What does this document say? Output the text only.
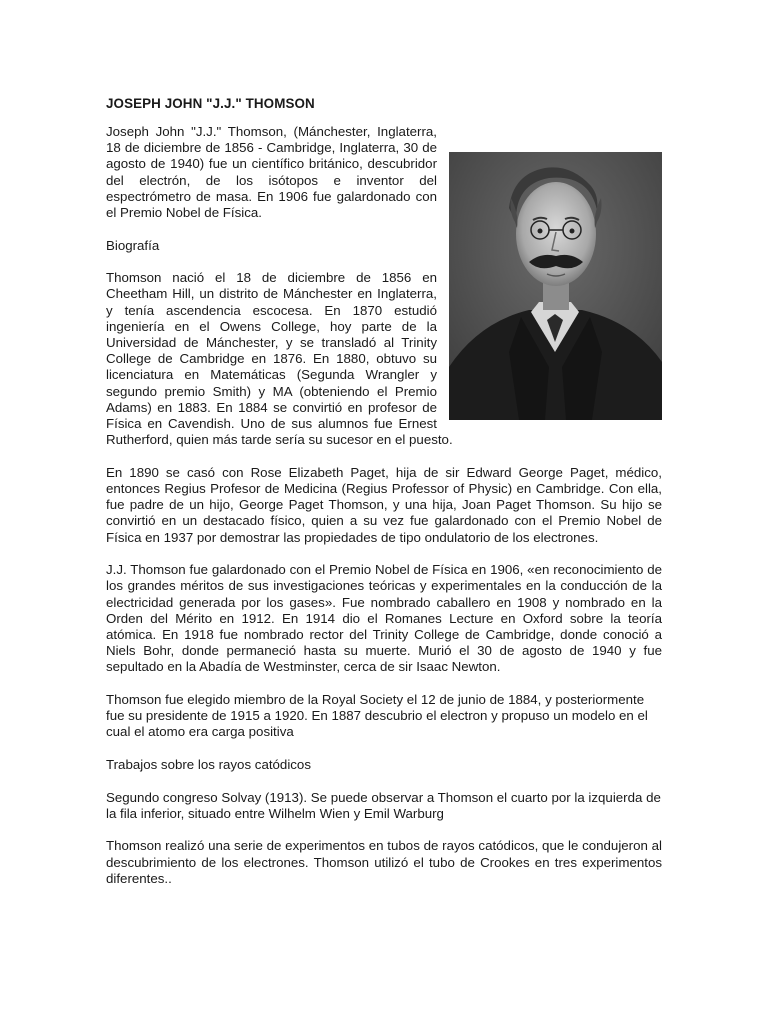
JOSEPH JOHN "J.J." THOMSON

Joseph John "J.J." Thomson, (Mánchester, Inglaterra, 18 de diciembre de 1856 - Cambridge, Inglaterra, 30 de agosto de 1940) fue un científico británico, descubridor del electrón, de los isótopos e inventor del espectrómetro de masa. En 1906 fue galardonado con el Premio Nobel de Física.

Biografía

Thomson nació el 18 de diciembre de 1856 en Cheetham Hill, un distrito de Mánchester en Inglaterra, y tenía ascendencia escocesa. En 1870 estudió ingeniería en el Owens College, hoy parte de la Universidad de Mánchester, y se transladó al Trinity College de Cambridge en 1876. En 1880, obtuvo su licenciatura en Matemáticas (Segunda Wrangler y segundo premio Smith) y MA (obteniendo el Premio Adams) en 1883. En 1884 se convirtió en profesor de Física en Cavendish. Uno de sus alumnos fue Ernest Rutherford, quien más tarde sería su sucesor en el puesto.

En 1890 se casó con Rose Elizabeth Paget, hija de sir Edward George Paget, médico, entonces Regius Profesor de Medicina (Regius Professor of Physic) en Cambridge. Con ella, fue padre de un hijo, George Paget Thomson, y una hija, Joan Paget Thomson. Su hijo se convirtió en un destacado físico, quien a su vez fue galardonado con el Premio Nobel de Física en 1937 por demostrar las propiedades de tipo ondulatorio de los electrones.

J.J. Thomson fue galardonado con el Premio Nobel de Física en 1906, «en reconocimiento de los grandes méritos de sus investigaciones teóricas y experimentales en la conducción de la electricidad generada por los gases». Fue nombrado caballero en 1908 y nombrado en la Orden del Mérito en 1912. En 1914 dio el Romanes Lecture en Oxford sobre la teoría atómica. En 1918 fue nombrado rector del Trinity College de Cambridge, donde conoció a Niels Bohr, donde permaneció hasta su muerte. Murió el 30 de agosto de 1940 y fue sepultado en la Abadía de Westminster, cerca de sir Isaac Newton.

Thomson fue elegido miembro de la Royal Society el 12 de junio de 1884, y posteriormente fue su presidente de 1915 a 1920. En 1887 descubrio el electron y propuso un modelo en el cual el atomo era carga positiva

Trabajos sobre los rayos catódicos

Segundo congreso Solvay (1913). Se puede observar a Thomson el cuarto por la izquierda de la fila inferior, situado entre Wilhelm Wien y Emil Warburg

Thomson realizó una serie de experimentos en tubos de rayos catódicos, que le condujeron al descubrimiento de los electrones. Thomson utilizó el tubo de Crookes en tres experimentos diferentes..
